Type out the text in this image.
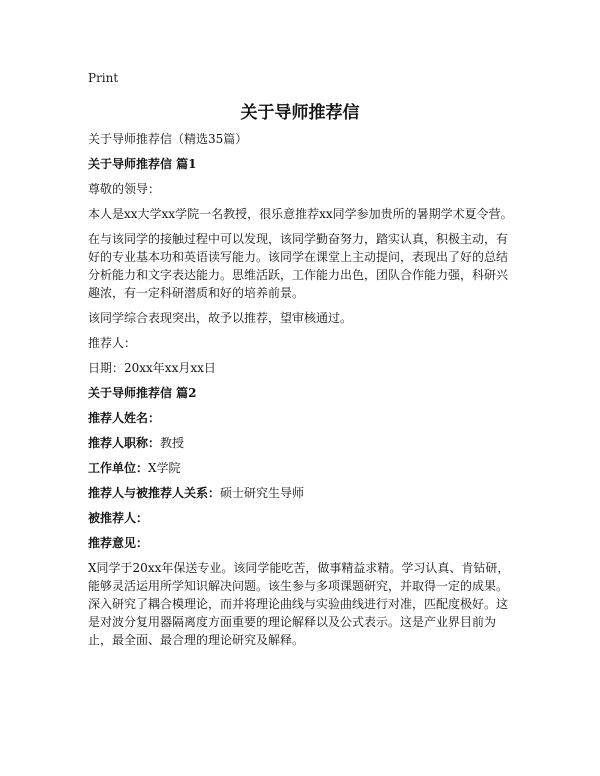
Print
关于导师推荐信

关于导师推荐信（精选35篇）

关于导师推荐信 篇1

尊敬的领导：

本人是xx大学xx学院一名教授，很乐意推荐xx同学参加贵所的暑期学术夏令营。

在与该同学的接触过程中可以发现，该同学勤奋努力，踏实认真，积极主动，有好的专业基本功和英语读写能力。该同学在课堂上主动提问，表现出了好的总结分析能力和文字表达能力。思维活跃，工作能力出色，团队合作能力强，科研兴趣浓，有一定科研潜质和好的培养前景。

该同学综合表现突出，故予以推荐，望审核通过。

推荐人：

日期：20xx年xx月xx日

关于导师推荐信 篇2

推荐人姓名：

推荐人职称：教授

工作单位：X学院

推荐人与被推荐人关系：硕士研究生导师

被推荐人：

推荐意见：

X同学于20xx年保送专业。该同学能吃苦，做事精益求精。学习认真、肯钻研，能够灵活运用所学知识解决问题。该生参与多项课题研究，并取得一定的成果。深入研究了耦合模理论，而并将理论曲线与实验曲线进行对准，匹配度极好。这是对波分复用器隔离度方面重要的理论解释以及公式表示。这是产业界目前为止，最全面、最合理的理论研究及解释。
